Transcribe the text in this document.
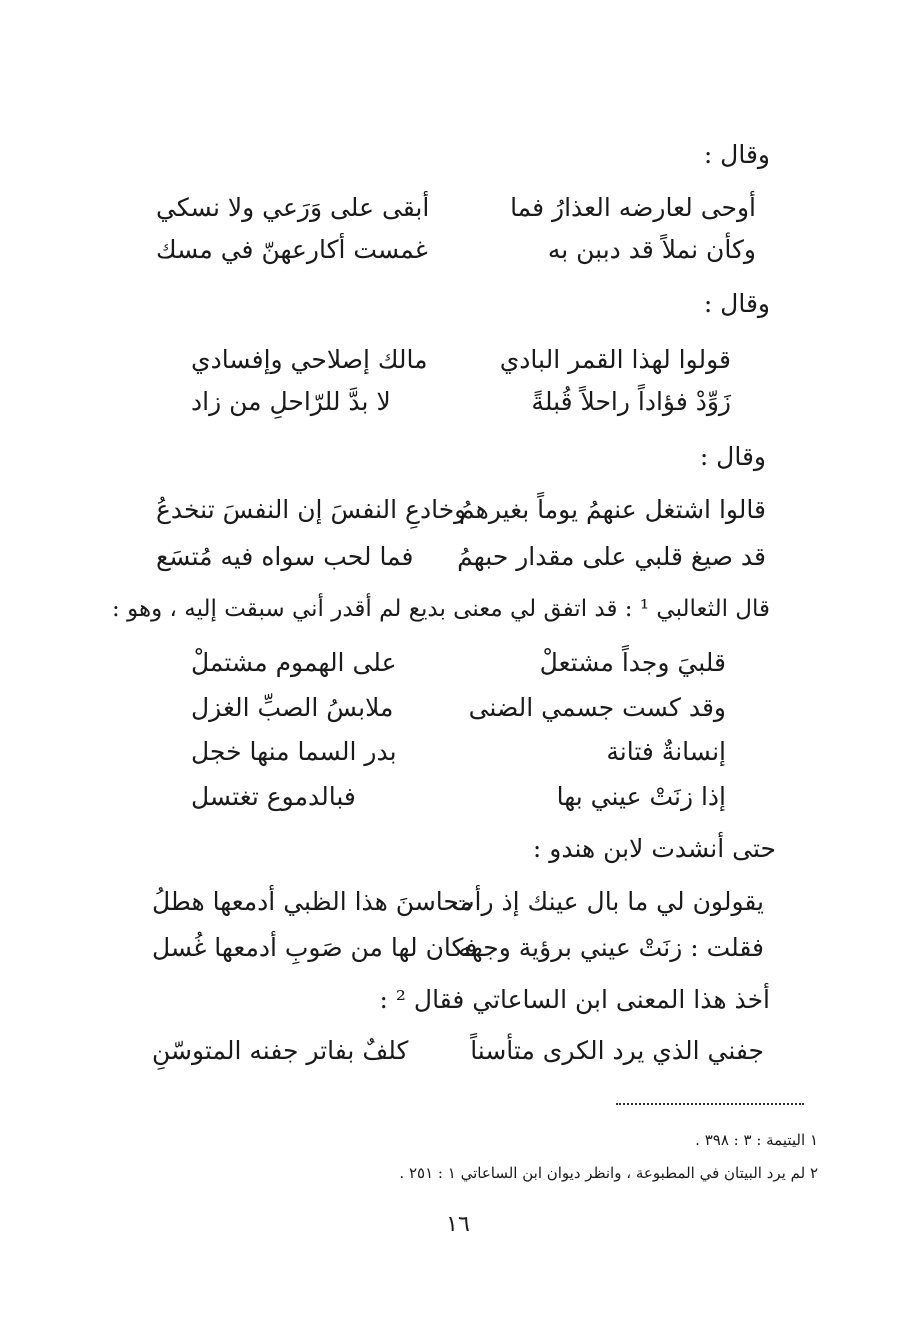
وقال :
أوحى لعارضه العذارُ فما
أبقى على وَرَعي ولا نسكي
وكأن نملاً قد دببن به
غمست أكارعهنّ في مسك
وقال :
قولوا لهذا القمر البادي
مالك إصلاحي وإفسادي
زَوِّدْ فؤاداً راحلاً قُبلةً
لا بدَّ للرّاحلِ من زاد
وقال :
قالوا اشتغل عنهمُ يوماً بغيرهمُ
وخادعِ النفسَ إن النفسَ تنخدعُ
قد صيغ قلبي على مقدار حبهمُ
فما لحب سواه فيه مُتسَع
قال الثعالبي ¹ : قد اتفق لي معنى بديع لم أقدر أني سبقت إليه ، وهو :
قلبيَ وجداً مشتعلْ
على الهموم مشتملْ
وقد كست جسمي الضنى
ملابسُ الصبِّ الغزل
إنسانةٌ فتانة
بدر السما منها خجل
إذا زنَتْ عيني بها
فبالدموع تغتسل
حتى أنشدت لابن هندو :
يقولون لي ما بال عينك إذ رأت
محاسنَ هذا الظبي أدمعها هطلُ
فقلت : زنَتْ عيني برؤية وجهه
فكان لها من صَوبِ أدمعها غُسل
أخذ هذا المعنى ابن الساعاتي فقال ² :
جفني الذي يرد الكرى متأسناً
كلفٌ بفاتر جفنه المتوسّنِ
١ اليتيمة : ٣ : ٣٩٨ .
٢ لم يرد البيتان في المطبوعة ، وانظر ديوان ابن الساعاتي ١ : ٢٥١ .
١٦
